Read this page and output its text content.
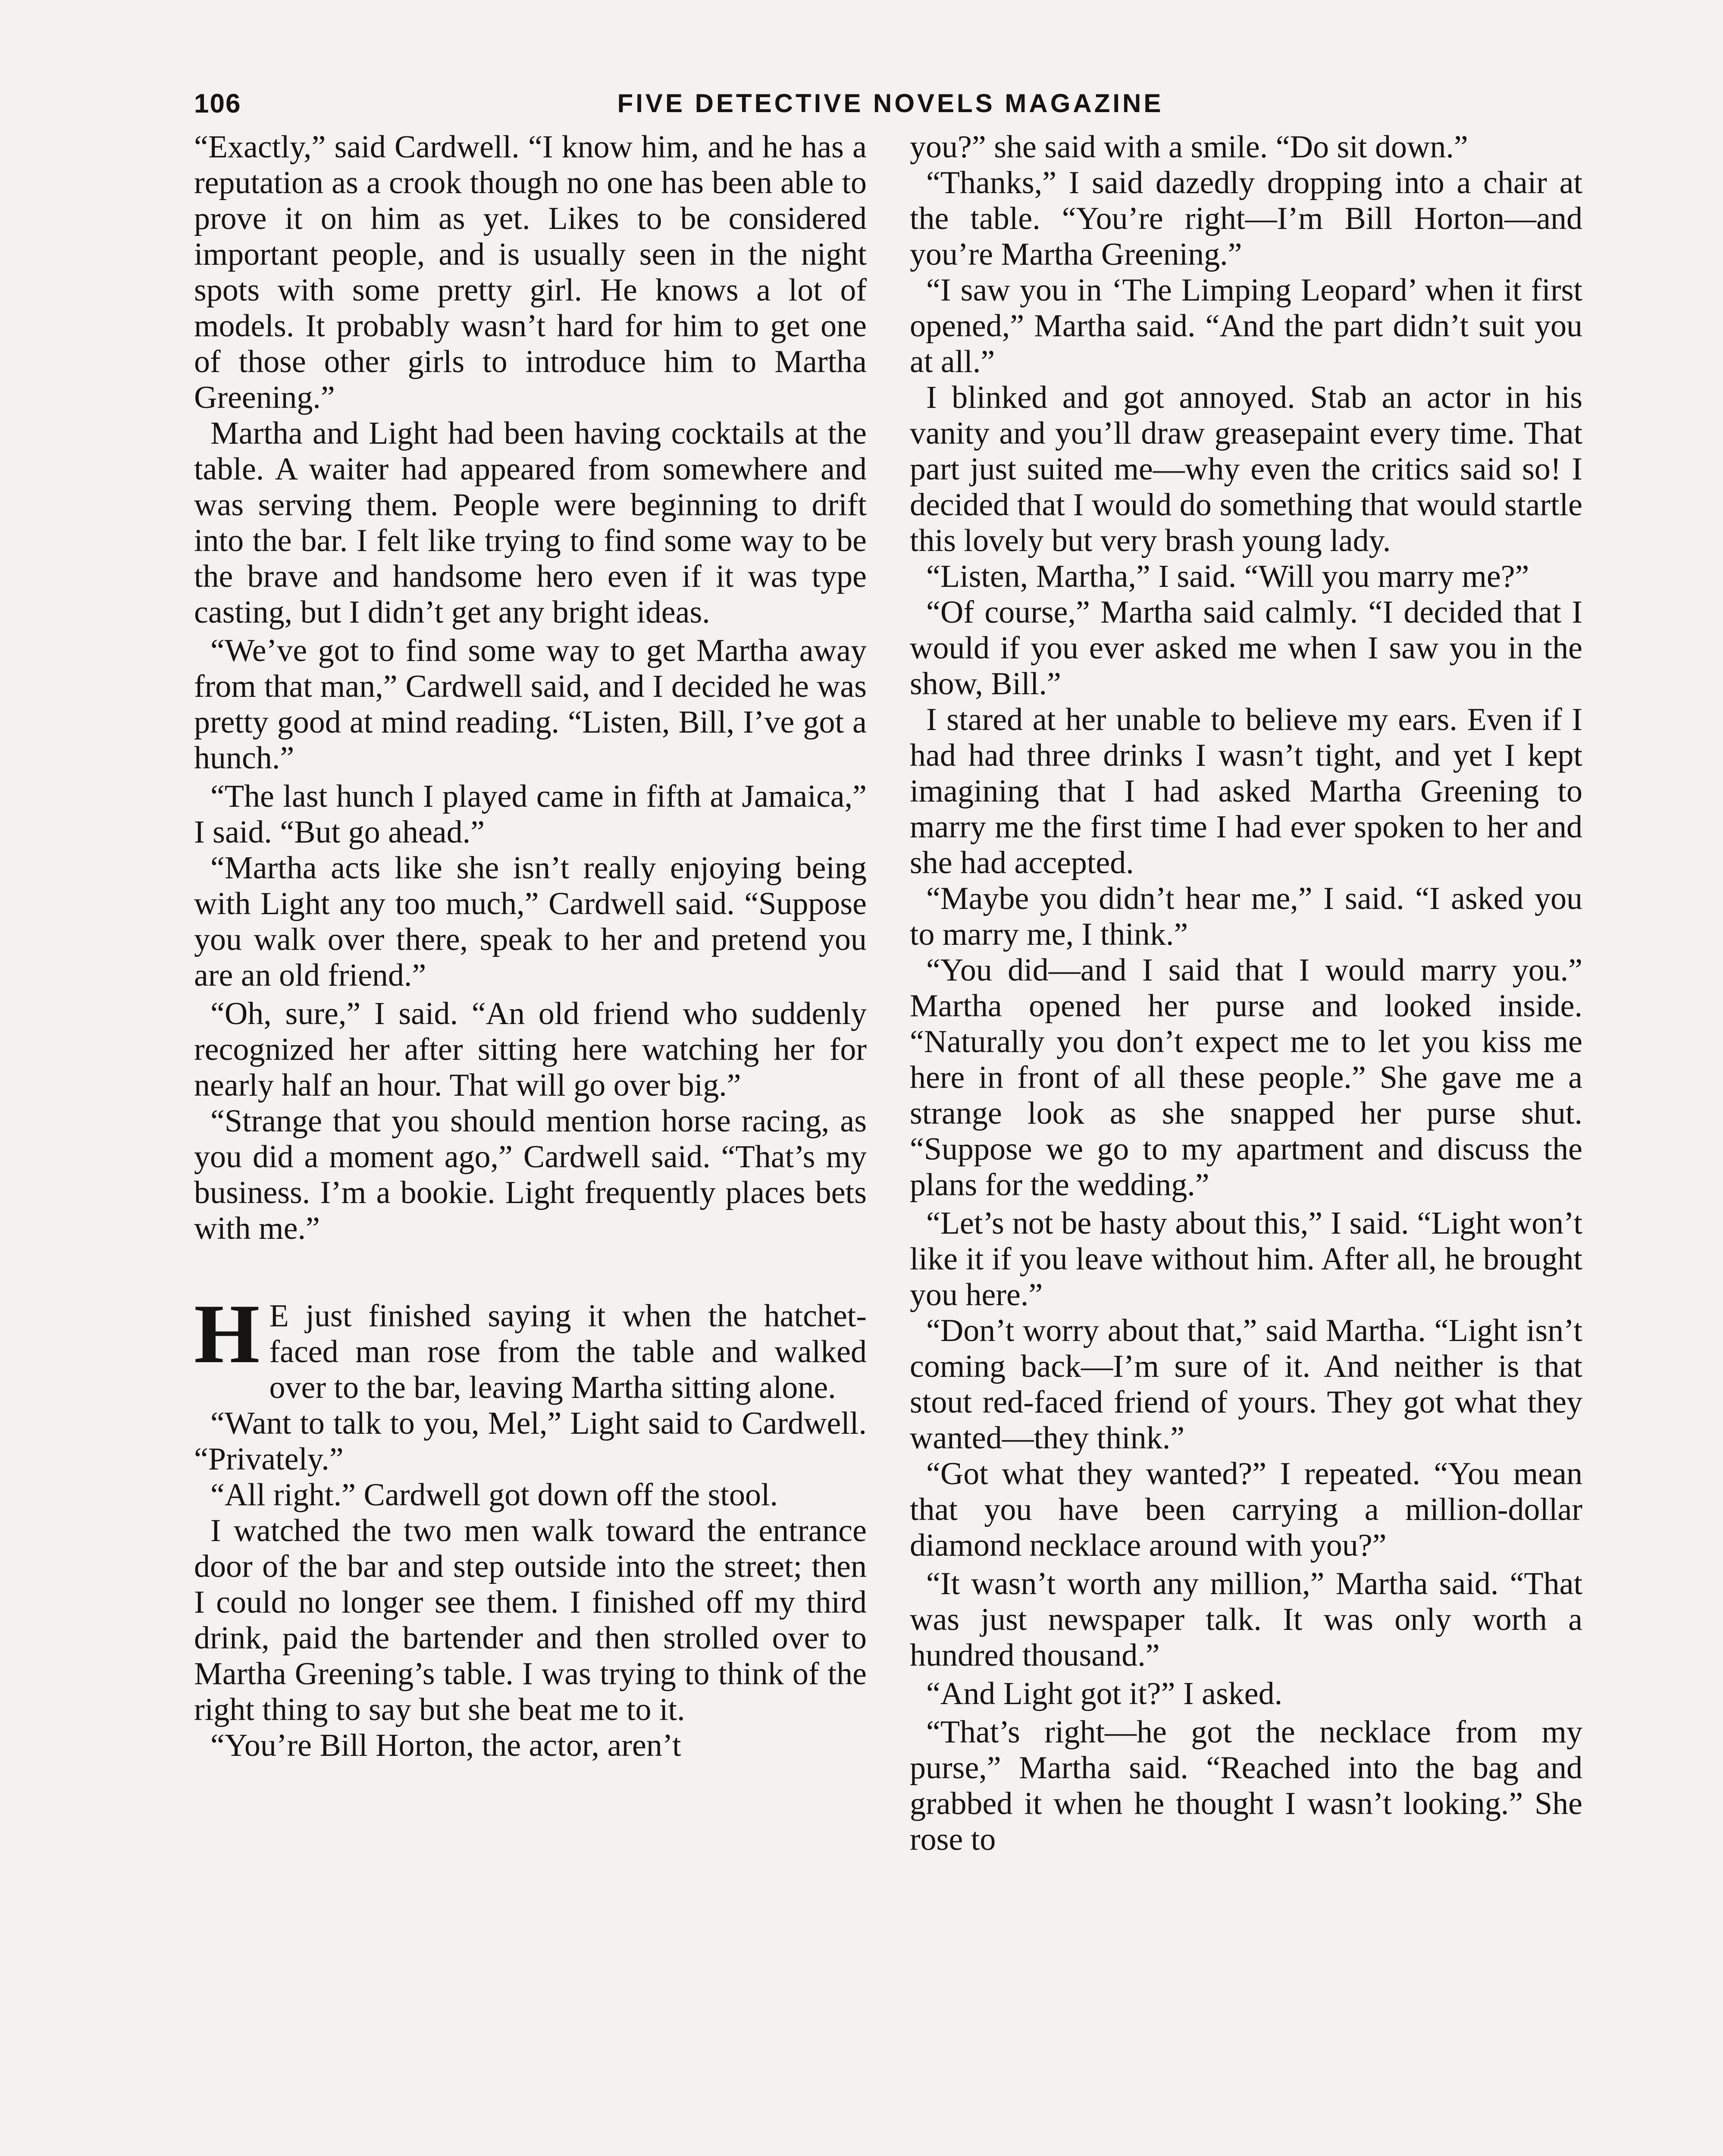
106	FIVE DETECTIVE NOVELS MAGAZINE

“Exactly,” said Cardwell. “I know him, and he has a reputation as a crook though no one has been able to prove it on him as yet. Likes to be considered important people, and is usually seen in the night spots with some pretty girl. He knows a lot of models. It probably wasn’t hard for him to get one of those other girls to introduce him to Martha Greening.”

Martha and Light had been having cocktails at the table. A waiter had appeared from somewhere and was serving them. People were beginning to drift into the bar. I felt like trying to find some way to be the brave and handsome hero even if it was type casting, but I didn’t get any bright ideas.

“We’ve got to find some way to get Martha away from that man,” Cardwell said, and I decided he was pretty good at mind reading. “Listen, Bill, I’ve got a hunch.”

“The last hunch I played came in fifth at Jamaica,” I said. “But go ahead.”

“Martha acts like she isn’t really enjoying being with Light any too much,” Cardwell said. “Suppose you walk over there, speak to her and pretend you are an old friend.”

“Oh, sure,” I said. “An old friend who suddenly recognized her after sitting here watching her for nearly half an hour. That will go over big.”

“Strange that you should mention horse racing, as you did a moment ago,” Cardwell said. “That’s my business. I’m a bookie. Light frequently places bets with me.”

H E just finished saying it when the hatchet-faced man rose from the table and walked over to the bar, leaving Martha sitting alone.

“Want to talk to you, Mel,” Light said to Cardwell. “Privately.”

“All right.” Cardwell got down off the stool.

I watched the two men walk toward the entrance door of the bar and step outside into the street; then I could no longer see them. I finished off my third drink, paid the bartender and then strolled over to Martha Greening’s table. I was trying to think of the right thing to say but she beat me to it.

“You’re Bill Horton, the actor, aren’t

you?” she said with a smile. “Do sit down.”

“Thanks,” I said dazedly dropping into a chair at the table. “You’re right—I’m Bill Horton—and you’re Martha Greening.”

“I saw you in ‘The Limping Leopard’ when it first opened,” Martha said. “And the part didn’t suit you at all.”

I blinked and got annoyed. Stab an actor in his vanity and you’ll draw greasepaint every time. That part just suited me—why even the critics said so! I decided that I would do something that would startle this lovely but very brash young lady.

“Listen, Martha,” I said. “Will you marry me?”

“Of course,” Martha said calmly. “I decided that I would if you ever asked me when I saw you in the show, Bill.”

I stared at her unable to believe my ears. Even if I had had three drinks I wasn’t tight, and yet I kept imagining that I had asked Martha Greening to marry me the first time I had ever spoken to her and she had accepted.

“Maybe you didn’t hear me,” I said. “I asked you to marry me, I think.”

“You did—and I said that I would marry you.” Martha opened her purse and looked inside. “Naturally you don’t expect me to let you kiss me here in front of all these people.” She gave me a strange look as she snapped her purse shut. “Suppose we go to my apartment and discuss the plans for the wedding.”

“Let’s not be hasty about this,” I said. “Light won’t like it if you leave without him. After all, he brought you here.”

“Don’t worry about that,” said Martha. “Light isn’t coming back—I’m sure of it. And neither is that stout red-faced friend of yours. They got what they wanted—they think.”

“Got what they wanted?” I repeated. “You mean that you have been carrying a million-dollar diamond necklace around with you?”

“It wasn’t worth any million,” Martha said. “That was just newspaper talk. It was only worth a hundred thousand.”

“And Light got it?” I asked.

“That’s right—he got the necklace from my purse,” Martha said. “Reached into the bag and grabbed it when he thought I wasn’t looking.” She rose to
